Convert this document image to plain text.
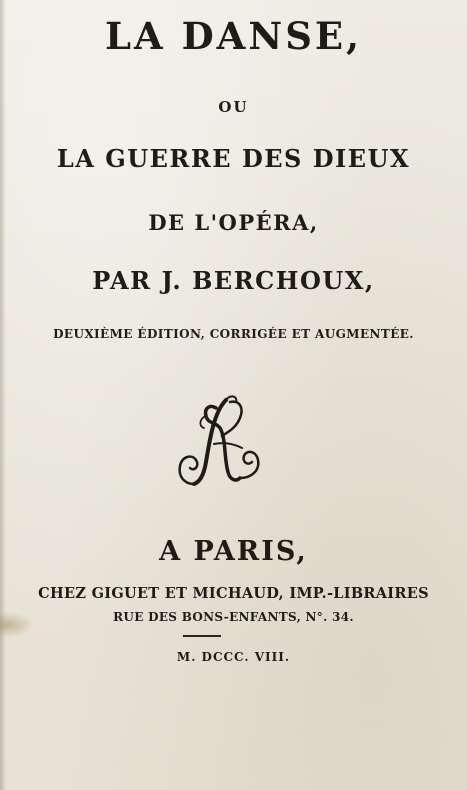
LA DANSE,
OU
LA GUERRE DES DIEUX
DE L'OPÉRA,
PAR J. BERCHOUX,
DEUXIÈME ÉDITION, CORRIGÉE ET AUGMENTÉE.
A PARIS,
CHEZ GIGUET ET MICHAUD, IMP.-LIBRAIRES
RUE DES BONS-ENFANTS, N°. 34.
M. DCCC. VIII.
